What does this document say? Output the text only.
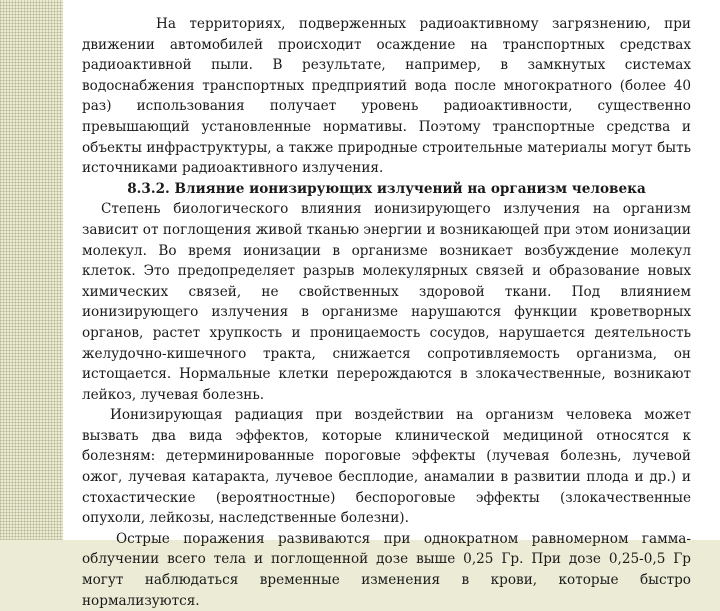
На территориях, подверженных радиоактивному загрязнению, при движении автомобилей происходит осаждение на транспортных средствах радиоактивной пыли. В результате, например, в замкнутых системах водоснабжения транспортных предприятий вода после многократного (более 40 раз) использования получает уровень радиоактивности, существенно превышающий установленные нормативы. Поэтому транспортные средства и объекты инфраструктуры, а также природные строительные материалы могут быть источниками радиоактивного излучения.

8.3.2. Влияние ионизирующих излучений на организм человека

Степень биологического влияния ионизирующего излучения на организм зависит от поглощения живой тканью энергии и возникающей при этом ионизации молекул. Во время ионизации в организме возникает возбуждение молекул клеток. Это предопределяет разрыв молекулярных связей и образование новых химических связей, не свойственных здоровой ткани. Под влиянием ионизирующего излучения в организме нарушаются функции кроветворных органов, растет хрупкость и проницаемость сосудов, нарушается деятельность желудочно-кишечного тракта, снижается сопротивляемость организма, он истощается. Нормальные клетки перерождаются в злокачественные, возникают лейкоз, лучевая болезнь.

Ионизирующая радиация при воздействии на организм человека может вызвать два вида эффектов, которые клинической медициной относятся к болезням: детерминированные пороговые эффекты (лучевая болезнь, лучевой ожог, лучевая катаракта, лучевое бесплодие, анамалии в развитии плода и др.) и стохастические (вероятностные) беспороговые эффекты (злокачественные опухоли, лейкозы, наследственные болезни).

Острые поражения развиваются при однократном равномерном гамма-облучении всего тела и поглощенной дозе выше 0,25 Гр. При дозе 0,25-0,5 Гр могут наблюдаться временные изменения в крови, которые быстро нормализуются.
